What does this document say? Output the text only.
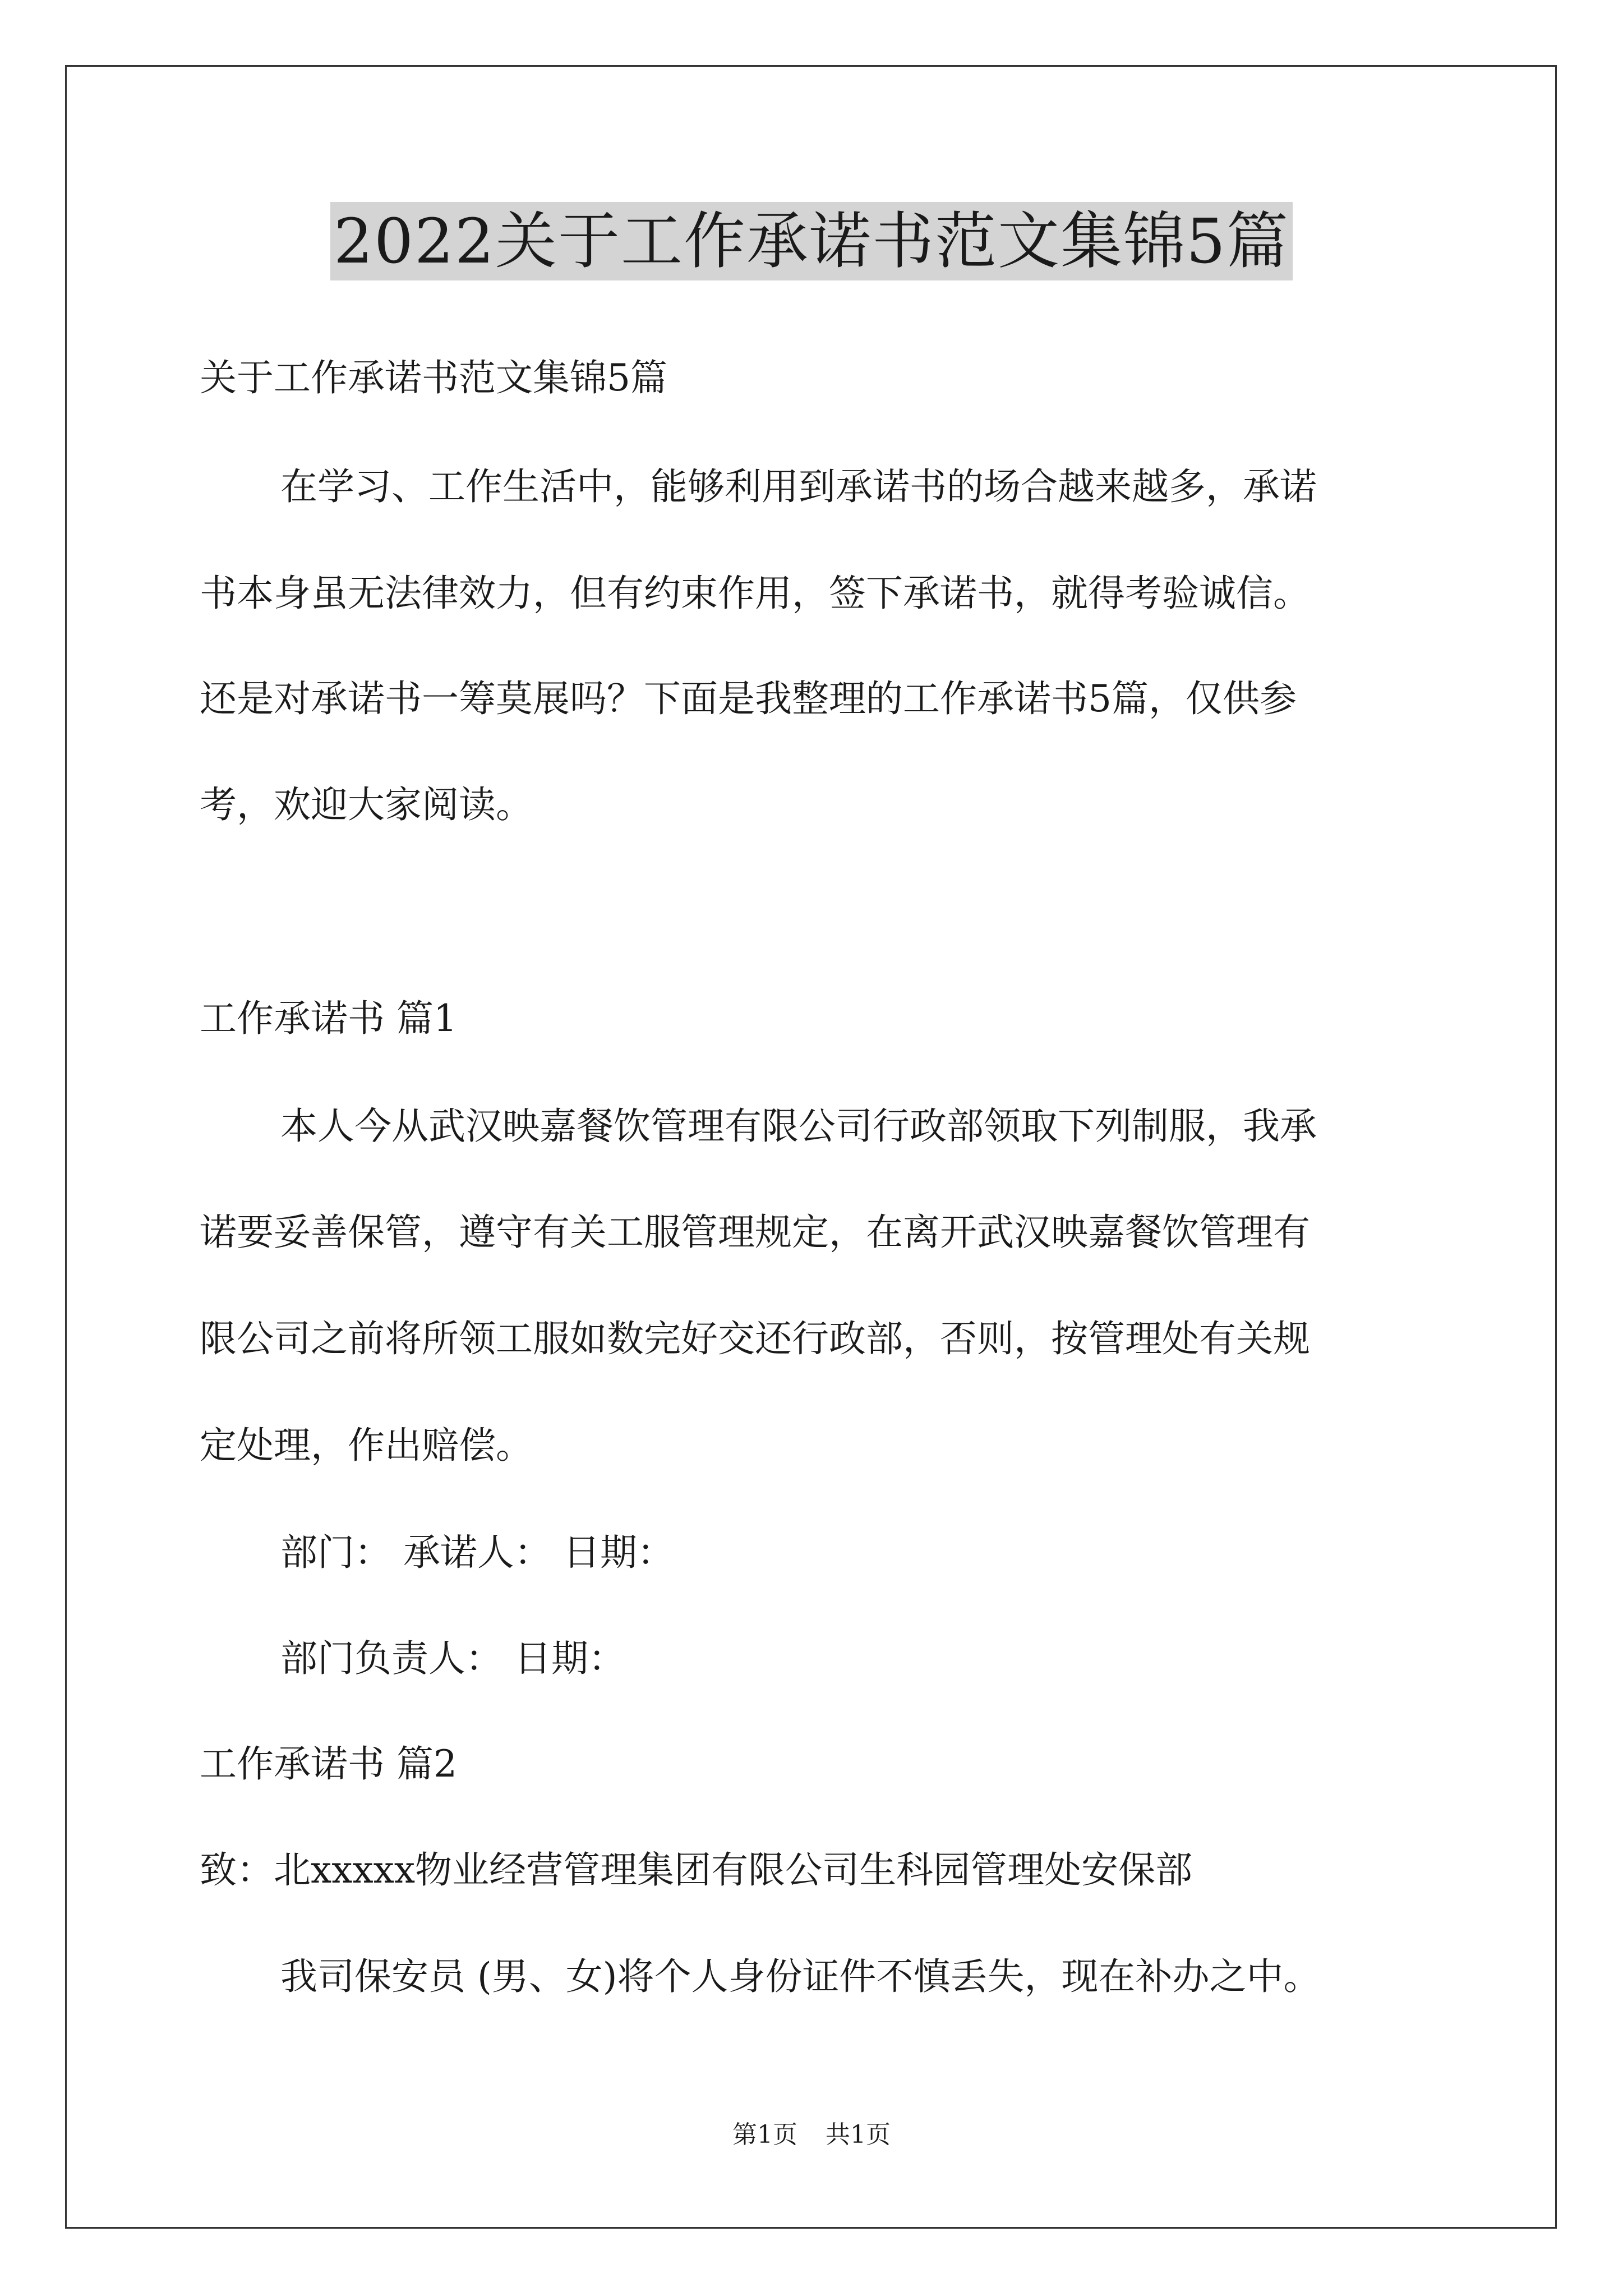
2022关于工作承诺书范文集锦5篇
关于工作承诺书范文集锦5篇
在学习、工作生活中，能够利用到承诺书的场合越来越多，承诺
书本身虽无法律效力，但有约束作用，签下承诺书，就得考验诚信。
还是对承诺书一筹莫展吗？下面是我整理的工作承诺书5篇，仅供参
考，欢迎大家阅读。
工作承诺书 篇1
本人今从武汉映嘉餐饮管理有限公司行政部领取下列制服，我承
诺要妥善保管，遵守有关工服管理规定，在离开武汉映嘉餐饮管理有
限公司之前将所领工服如数完好交还行政部，否则，按管理处有关规
定处理，作出赔偿。
部门： 承诺人： 日期：
部门负责人： 日期：
工作承诺书 篇2
致：北xxxxx物业经营管理集团有限公司生科园管理处安保部
我司保安员 (男、女)将个人身份证件不慎丢失，现在补办之中。
第1页 共1页
